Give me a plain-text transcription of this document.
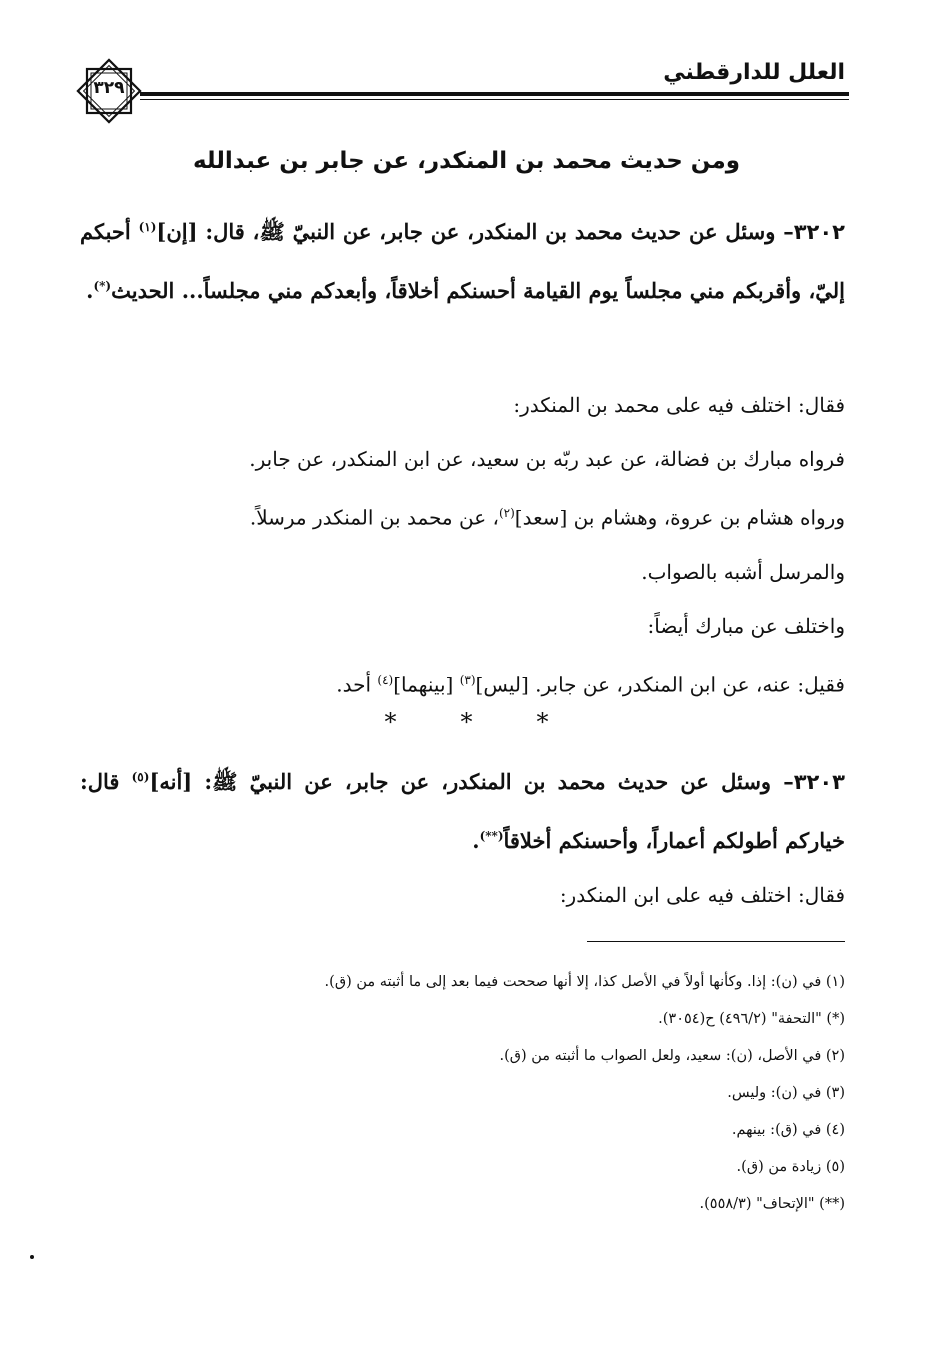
العلل للدارقطني
٣٢٩
ومن حديث محمد بن المنكدر، عن جابر بن عبدالله
٣٢٠٢– وسئل عن حديث محمد بن المنكدر، عن جابر، عن النبيّ ﷺ، قال: [إن]$^{(١)}$ أحبكم إليّ، وأقربكم مني مجلساً يوم القيامة أحسنكم أخلاقاً، وأبعدكم مني مجلساً... الحديث(*).

فقال: اختلف فيه على محمد بن المنكدر:

فرواه مبارك بن فضالة، عن عبد ربّه بن سعيد، عن ابن المنكدر، عن جابر.

ورواه هشام بن عروة، وهشام بن [سعد]$^{(٢)}$، عن محمد بن المنكدر مرسلاً.

والمرسل أشبه بالصواب.

واختلف عن مبارك أيضاً:

فقيل: عنه، عن ابن المنكدر، عن جابر. [ليس]$^{(٣)}$ [بينهما]$^{(٤)}$ أحد.

***
٣٢٠٣– وسئل عن حديث محمد بن المنكدر، عن جابر، عن النبيّ ﷺ: [أنه]$^{(٥)}$ قال: خياركم أطولكم أعماراً، وأحسنكم أخلاقاً(**).

فقال: اختلف فيه على ابن المنكدر:

(١) في (ن): إذا. وكأنها أولاً في الأصل كذا، إلا أنها صححت فيما بعد إلى ما أثبته من (ق).
(*) "التحفة" (٤٩٦/٢) ح(٣٠٥٤).
(٢) في الأصل، (ن): سعيد، ولعل الصواب ما أثبته من (ق).
(٣) في (ن): وليس.
(٤) في (ق): بينهم.
(٥) زيادة من (ق).
(**) "الإتحاف" (٥٥٨/٣).
